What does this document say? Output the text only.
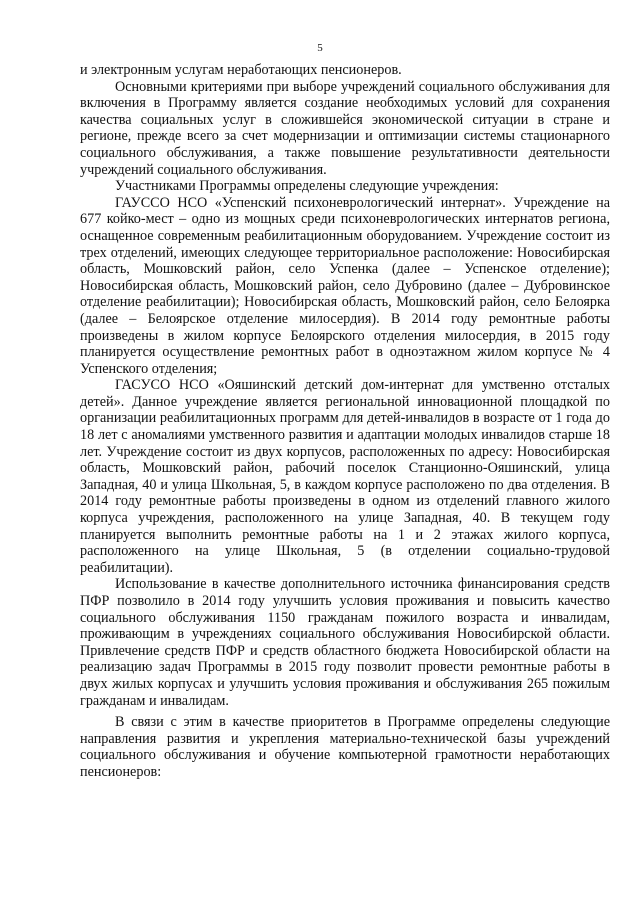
5

и электронным услугам неработающих пенсионеров.

Основными критериями при выборе учреждений социального обслуживания для включения в Программу является создание необходимых условий для сохранения качества социальных услуг в сложившейся экономической ситуации в стране и регионе, прежде всего за счет модернизации и оптимизации системы стационарного социального обслуживания, а также повышение результативности деятельности учреждений социального обслуживания.

Участниками Программы определены следующие учреждения:

ГАУССО НСО «Успенский психоневрологический интернат». Учреждение на 677 койко-мест – одно из мощных среди психоневрологических интернатов региона, оснащенное современным реабилитационным оборудованием. Учреждение состоит из трех отделений, имеющих следующее территориальное расположение: Новосибирская область, Мошковский район, село Успенка (далее – Успенское отделение); Новосибирская область, Мошковский район, село Дубровино (далее – Дубровинское отделение реабилитации); Новосибирская область, Мошковский район, село Белоярка (далее – Белоярское отделение милосердия). В 2014 году ремонтные работы произведены в жилом корпусе Белоярского отделения милосердия, в 2015 году планируется осуществление ремонтных работ в одноэтажном жилом корпусе № 4 Успенского отделения;

ГАСУСО НСО «Ояшинский детский дом-интернат для умственно отсталых детей». Данное учреждение является региональной инновационной площадкой по организации реабилитационных программ для детей-инвалидов в возрасте от 1 года до 18 лет с аномалиями умственного развития и адаптации молодых инвалидов старше 18 лет. Учреждение состоит из двух корпусов, расположенных по адресу: Новосибирская область, Мошковский район, рабочий поселок Станционно-Ояшинский, улица Западная, 40 и улица Школьная, 5, в каждом корпусе расположено по два отделения. В 2014 году ремонтные работы произведены в одном из отделений главного жилого корпуса учреждения, расположенного на улице Западная, 40. В текущем году планируется выполнить ремонтные работы на 1 и 2 этажах жилого корпуса, расположенного на улице Школьная, 5 (в отделении социально-трудовой реабилитации).

Использование в качестве дополнительного источника финансирования средств ПФР позволило в 2014 году улучшить условия проживания и повысить качество социального обслуживания 1150 гражданам пожилого возраста и инвалидам, проживающим в учреждениях социального обслуживания Новосибирской области. Привлечение средств ПФР и средств областного бюджета Новосибирской области на реализацию задач Программы в 2015 году позволит провести ремонтные работы в двух жилых корпусах и улучшить условия проживания и обслуживания 265 пожилым гражданам и инвалидам.

В связи с этим в качестве приоритетов в Программе определены следующие направления развития и укрепления материально-технической базы учреждений социального обслуживания и обучение компьютерной грамотности неработающих пенсионеров:
